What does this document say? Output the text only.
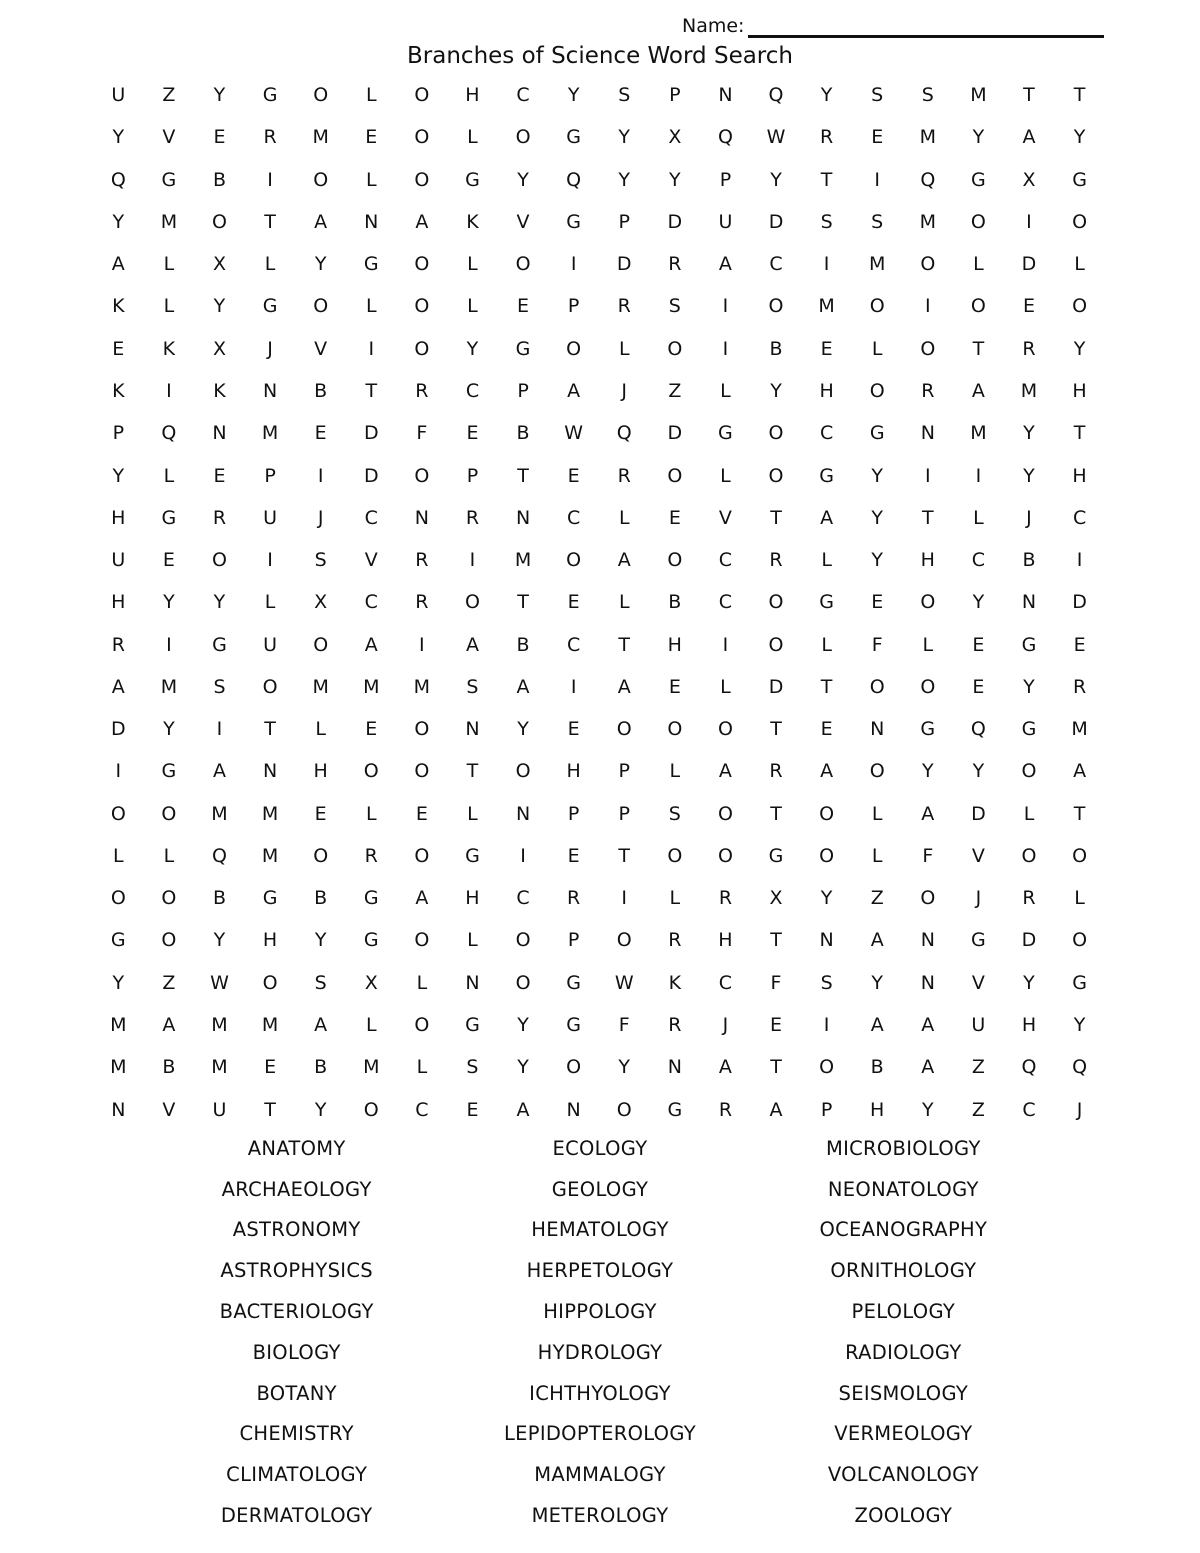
Name:
Branches of Science Word Search
U	Z	Y	G	O	L	O	H	C	Y	S	P	N	Q	Y	S	S	M	T	T
Y	V	E	R	M	E	O	L	O	G	Y	X	Q	W	R	E	M	Y	A	Y
Q	G	B	I	O	L	O	G	Y	Q	Y	Y	P	Y	T	I	Q	G	X	G
Y	M	O	T	A	N	A	K	V	G	P	D	U	D	S	S	M	O	I	O
A	L	X	L	Y	G	O	L	O	I	D	R	A	C	I	M	O	L	D	L
K	L	Y	G	O	L	O	L	E	P	R	S	I	O	M	O	I	O	E	O
E	K	X	J	V	I	O	Y	G	O	L	O	I	B	E	L	O	T	R	Y
K	I	K	N	B	T	R	C	P	A	J	Z	L	Y	H	O	R	A	M	H
P	Q	N	M	E	D	F	E	B	W	Q	D	G	O	C	G	N	M	Y	T
Y	L	E	P	I	D	O	P	T	E	R	O	L	O	G	Y	I	I	Y	H
H	G	R	U	J	C	N	R	N	C	L	E	V	T	A	Y	T	L	J	C
U	E	O	I	S	V	R	I	M	O	A	O	C	R	L	Y	H	C	B	I
H	Y	Y	L	X	C	R	O	T	E	L	B	C	O	G	E	O	Y	N	D
R	I	G	U	O	A	I	A	B	C	T	H	I	O	L	F	L	E	G	E
A	M	S	O	M	M	M	S	A	I	A	E	L	D	T	O	O	E	Y	R
D	Y	I	T	L	E	O	N	Y	E	O	O	O	T	E	N	G	Q	G	M
I	G	A	N	H	O	O	T	O	H	P	L	A	R	A	O	Y	Y	O	A
O	O	M	M	E	L	E	L	N	P	P	S	O	T	O	L	A	D	L	T
L	L	Q	M	O	R	O	G	I	E	T	O	O	G	O	L	F	V	O	O
O	O	B	G	B	G	A	H	C	R	I	L	R	X	Y	Z	O	J	R	L
G	O	Y	H	Y	G	O	L	O	P	O	R	H	T	N	A	N	G	D	O
Y	Z	W	O	S	X	L	N	O	G	W	K	C	F	S	Y	N	V	Y	G
M	A	M	M	A	L	O	G	Y	G	F	R	J	E	I	A	A	U	H	Y
M	B	M	E	B	M	L	S	Y	O	Y	N	A	T	O	B	A	Z	Q	Q
N	V	U	T	Y	O	C	E	A	N	O	G	R	A	P	H	Y	Z	C	J
ANATOMY
ARCHAEOLOGY
ASTRONOMY
ASTROPHYSICS
BACTERIOLOGY
BIOLOGY
BOTANY
CHEMISTRY
CLIMATOLOGY
DERMATOLOGY
ECOLOGY
GEOLOGY
HEMATOLOGY
HERPETOLOGY
HIPPOLOGY
HYDROLOGY
ICHTHYOLOGY
LEPIDOPTEROLOGY
MAMMALOGY
METEROLOGY
MICROBIOLOGY
NEONATOLOGY
OCEANOGRAPHY
ORNITHOLOGY
PELOLOGY
RADIOLOGY
SEISMOLOGY
VERMEOLOGY
VOLCANOLOGY
ZOOLOGY
